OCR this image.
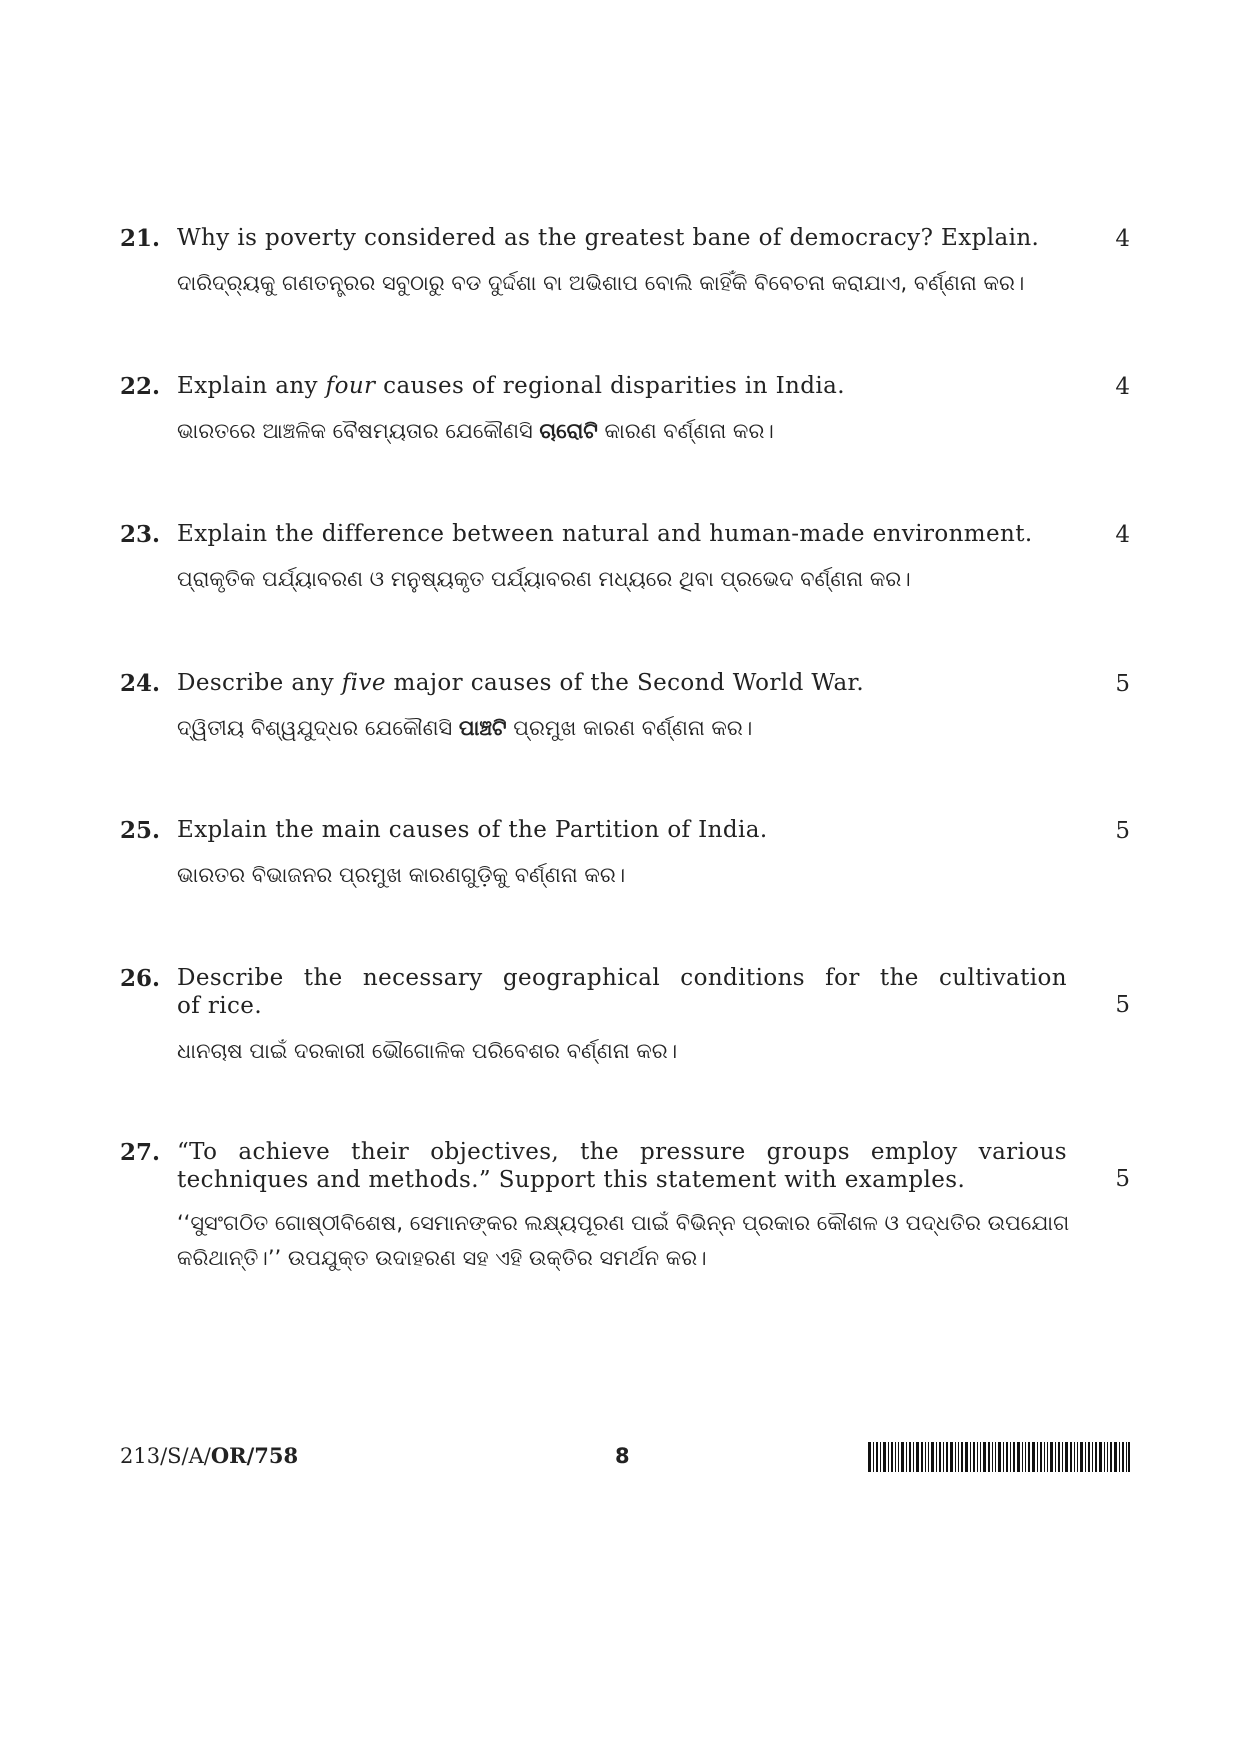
21. Why is poverty considered as the greatest bane of democracy? Explain.	4
ଦାରିଦ୍ର୍ୟକୁ ଗଣତନ୍ତ୍ରର ସବୁଠାରୁ ବଡ ଦୁର୍ଦ୍ଦଶା ବା ଅଭିଶାପ ବୋଲି କାହିଁକି ବିବେଚନା କରାଯାଏ, ବର୍ଣ୍ଣନା କର।
22. Explain any four causes of regional disparities in India.	4
ଭାରତରେ ଆଞ୍ଚଳିକ ବୈଷମ୍ୟତାର ଯେକୌଣସି ଚାରୋଟି କାରଣ ବର୍ଣ୍ଣନା କର।
23. Explain the difference between natural and human-made environment.	4
ପ୍ରାକୃତିକ ପର୍ଯ୍ୟାବରଣ ଓ ମନୁଷ୍ୟକୃତ ପର୍ଯ୍ୟାବରଣ ମଧ୍ୟରେ ଥିବା ପ୍ରଭେଦ ବର୍ଣ୍ଣନା କର।
24. Describe any five major causes of the Second World War.	5
ଦ୍ୱିତୀୟ ବିଶ୍ୱଯୁଦ୍ଧର ଯେକୌଣସି ପାଞ୍ଚଟି ପ୍ରମୁଖ କାରଣ ବର୍ଣ୍ଣନା କର।
25. Explain the main causes of the Partition of India.	5
ଭାରତର ବିଭାଜନର ପ୍ରମୁଖ କାରଣଗୁଡ଼ିକୁ ବର୍ଣ୍ଣନା କର।
26. Describe the necessary geographical conditions for the cultivation
of rice.	5
ଧାନଚାଷ ପାଇଁ ଦରକାରୀ ଭୌଗୋଳିକ ପରିବେଶର ବର୍ଣ୍ଣନା କର।
27. “To achieve their objectives, the pressure groups employ various
techniques and methods.” Support this statement with examples.	5
‘‘ସୁସଂଗଠିତ ଗୋଷ୍ଠୀବିଶେଷ, ସେମାନଙ୍କର ଲକ୍ଷ୍ୟପୂରଣ ପାଇଁ ବିଭିନ୍ନ ପ୍ରକାର କୌଶଳ ଓ ପଦ୍ଧତିର ଉପଯୋଗ
କରିଥାନ୍ତି।’’ ଉପଯୁକ୍ତ ଉଦାହରଣ ସହ ଏହି ଉକ୍ତିର ସମର୍ଥନ କର।
213/S/A/OR/758	8
